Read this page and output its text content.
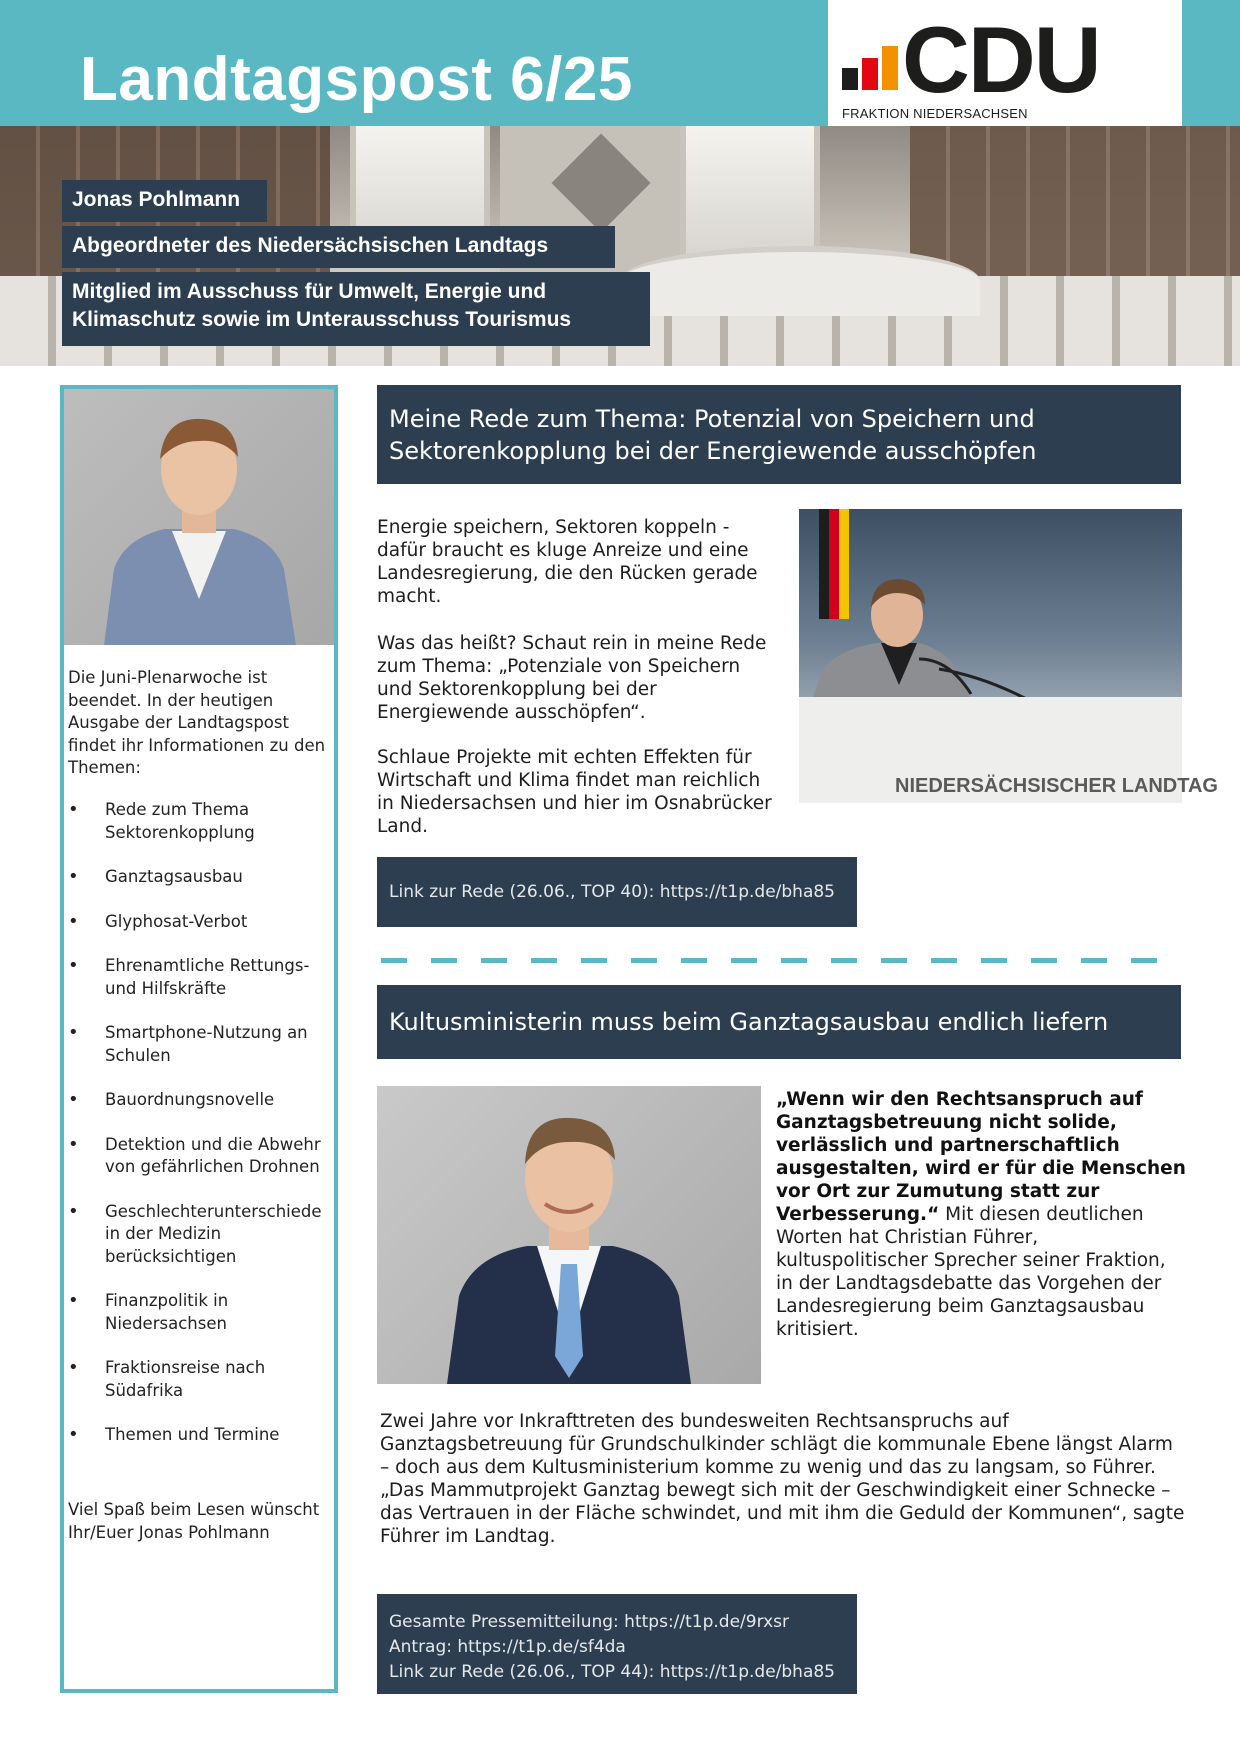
Landtagspost 6/25	CDU
FRAKTION NIEDERSACHSEN
Jonas Pohlmann
Abgeordneter des Niedersächsischen Landtags
Mitglied im Ausschuss für Umwelt, Energie und
Klimaschutz sowie im Unterausschuss Tourismus
Die Juni-Plenarwoche ist beendet. In der heutigen Ausgabe der Landtagspost findet ihr Informationen zu den Themen:
• Rede zum Thema Sektorenkopplung
• Ganztagsausbau
• Glyphosat-Verbot
• Ehrenamtliche Rettungs- und Hilfskräfte
• Smartphone-Nutzung an Schulen
• Bauordnungsnovelle
• Detektion und die Abwehr von gefährlichen Drohnen
• Geschlechterunterschiede in der Medizin berücksichtigen
• Finanzpolitik in Niedersachsen
• Fraktionsreise nach Südafrika
• Themen und Termine
Viel Spaß beim Lesen wünscht
Ihr/Euer Jonas Pohlmann
Meine Rede zum Thema: Potenzial von Speichern und Sektorenkopplung bei der Energiewende ausschöpfen
Energie speichern, Sektoren koppeln - dafür braucht es kluge Anreize und eine Landesregierung, die den Rücken gerade macht.
Was das heißt? Schaut rein in meine Rede zum Thema: „Potenziale von Speichern und Sektorenkopplung bei der Energiewende ausschöpfen“.
Schlaue Projekte mit echten Effekten für Wirtschaft und Klima findet man reichlich in Niedersachsen und hier im Osnabrücker Land.
NIEDERSÄCHSISCHER LANDTAG
Link zur Rede (26.06., TOP 40): https://t1p.de/bha85
Kultusministerin muss beim Ganztagsausbau endlich liefern
„Wenn wir den Rechtsanspruch auf Ganztagsbetreuung nicht solide, verlässlich und partnerschaftlich ausgestalten, wird er für die Menschen vor Ort zur Zumutung statt zur Verbesserung.“ Mit diesen deutlichen Worten hat Christian Führer, kultuspolitischer Sprecher seiner Fraktion, in der Landtagsdebatte das Vorgehen der Landesregierung beim Ganztagsausbau kritisiert.
Zwei Jahre vor Inkrafttreten des bundesweiten Rechtsanspruchs auf Ganztagsbetreuung für Grundschulkinder schlägt die kommunale Ebene längst Alarm – doch aus dem Kultusministerium komme zu wenig und das zu langsam, so Führer. „Das Mammutprojekt Ganztag bewegt sich mit der Geschwindigkeit einer Schnecke – das Vertrauen in der Fläche schwindet, und mit ihm die Geduld der Kommunen“, sagte Führer im Landtag.
Gesamte Pressemitteilung: https://t1p.de/9rxsr
Antrag: https://t1p.de/sf4da
Link zur Rede (26.06., TOP 44): https://t1p.de/bha85
